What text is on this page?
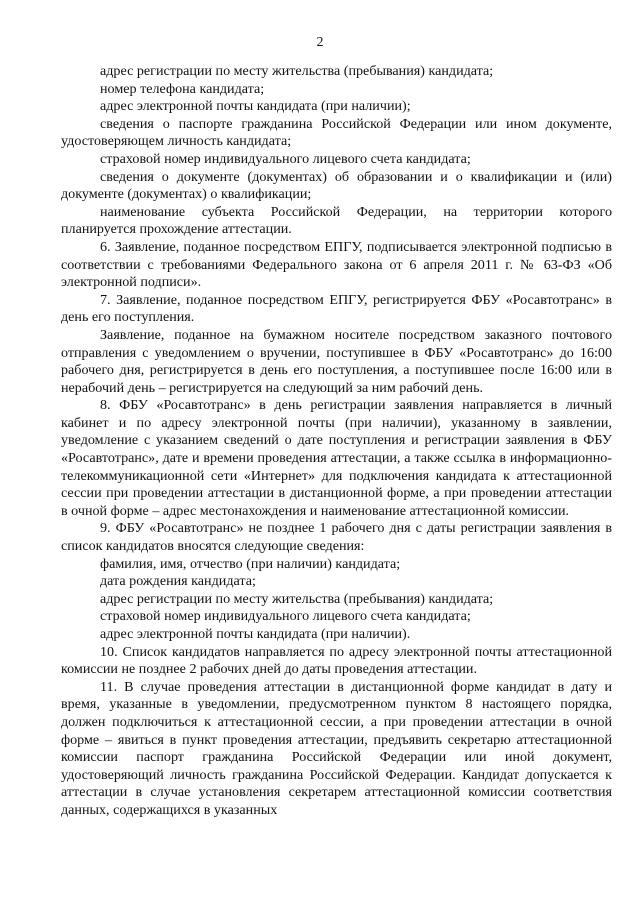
2

адрес регистрации по месту жительства (пребывания) кандидата;

номер телефона кандидата;

адрес электронной почты кандидата (при наличии);

сведения о паспорте гражданина Российской Федерации или ином документе, удостоверяющем личность кандидата;

страховой номер индивидуального лицевого счета кандидата;

сведения о документе (документах) об образовании и о квалификации и (или) документе (документах) о квалификации;

наименование субъекта Российской Федерации, на территории которого планируется прохождение аттестации.

6. Заявление, поданное посредством ЕПГУ, подписывается электронной подписью в соответствии с требованиями Федерального закона от 6 апреля 2011 г. № 63-ФЗ «Об электронной подписи».

7. Заявление, поданное посредством ЕПГУ, регистрируется ФБУ «Росавтотранс» в день его поступления.

Заявление, поданное на бумажном носителе посредством заказного почтового отправления с уведомлением о вручении, поступившее в ФБУ «Росавтотранс» до 16:00 рабочего дня, регистрируется в день его поступления, а поступившее после 16:00 или в нерабочий день – регистрируется на следующий за ним рабочий день.

8. ФБУ «Росавтотранс» в день регистрации заявления направляется в личный кабинет и по адресу электронной почты (при наличии), указанному в заявлении, уведомление с указанием сведений о дате поступления и регистрации заявления в ФБУ «Росавтотранс», дате и времени проведения аттестации, а также ссылка в информационно-телекоммуникационной сети «Интернет» для подключения кандидата к аттестационной сессии при проведении аттестации в дистанционной форме, а при проведении аттестации в очной форме – адрес местонахождения и наименование аттестационной комиссии.

9. ФБУ «Росавтотранс» не позднее 1 рабочего дня с даты регистрации заявления в список кандидатов вносятся следующие сведения:

фамилия, имя, отчество (при наличии) кандидата;

дата рождения кандидата;

адрес регистрации по месту жительства (пребывания) кандидата;

страховой номер индивидуального лицевого счета кандидата;

адрес электронной почты кандидата (при наличии).

10. Список кандидатов направляется по адресу электронной почты аттестационной комиссии не позднее 2 рабочих дней до даты проведения аттестации.

11. В случае проведения аттестации в дистанционной форме кандидат в дату и время, указанные в уведомлении, предусмотренном пунктом 8 настоящего порядка, должен подключиться к аттестационной сессии, а при проведении аттестации в очной форме – явиться в пункт проведения аттестации, предъявить секретарю аттестационной комиссии паспорт гражданина Российской Федерации или иной документ, удостоверяющий личность гражданина Российской Федерации. Кандидат допускается к аттестации в случае установления секретарем аттестационной комиссии соответствия данных, содержащихся в указанных
